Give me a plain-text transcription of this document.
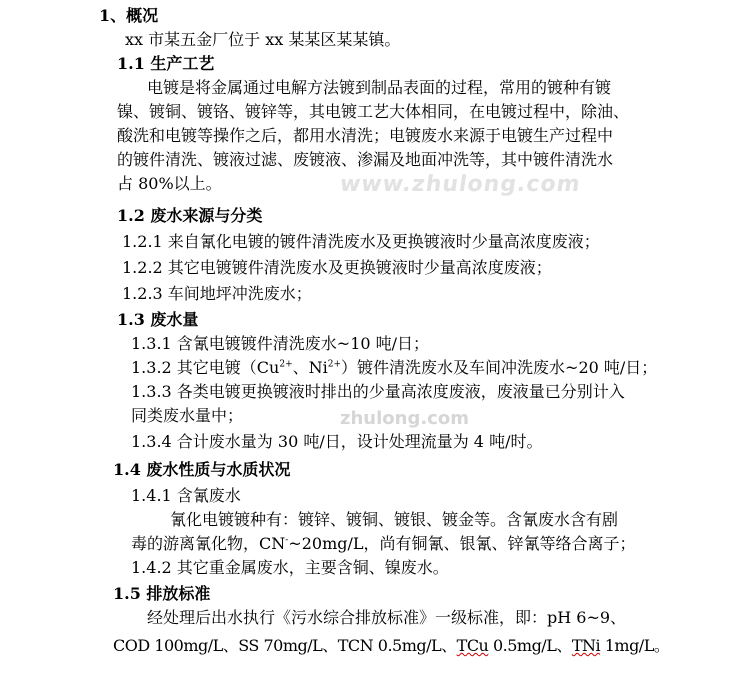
www.zhulong.com
zhulong.com
1、概况
xx 市某五金厂位于 xx 某某区某某镇。
1.1 生产工艺
电镀是将金属通过电解方法镀到制品表面的过程，常用的镀种有镀
镍、镀铜、镀铬、镀锌等，其电镀工艺大体相同，在电镀过程中，除油、
酸洗和电镀等操作之后，都用水清洗；电镀废水来源于电镀生产过程中
的镀件清洗、镀液过滤、废镀液、渗漏及地面冲洗等，其中镀件清洗水
占 80%以上。
1.2 废水来源与分类
1.2.1 来自氰化电镀的镀件清洗废水及更换镀液时少量高浓度废液；
1.2.2 其它电镀镀件清洗废水及更换镀液时少量高浓度废液；
1.2.3 车间地坪冲洗废水；
1.3 废水量
1.3.1 含氰电镀镀件清洗废水~10 吨/日；
1.3.2 其它电镀（$Cu^{2+}$、$Ni^{2+}$）镀件清洗废水及车间冲洗废水~20 吨/日；
1.3.3 各类电镀更换镀液时排出的少量高浓度废液，废液量已分别计入
同类废水量中；
1.3.4 合计废水量为 30 吨/日，设计处理流量为 4 吨/时。
1.4 废水性质与水质状况
1.4.1 含氰废水
氰化电镀镀种有：镀锌、镀铜、镀银、镀金等。含氰废水含有剧
毒的游离氰化物，CN-~20mg/L，尚有铜氰、银氰、锌氰等络合离子；
1.4.2 其它重金属废水，主要含铜、镍废水。
1.5 排放标准
经处理后出水执行《污水综合排放标准》一级标准，即：pH 6~9、
COD 100mg/L、SS 70mg/L、TCN 0.5mg/L、TCu 0.5mg/L、TNi 1mg/L。
